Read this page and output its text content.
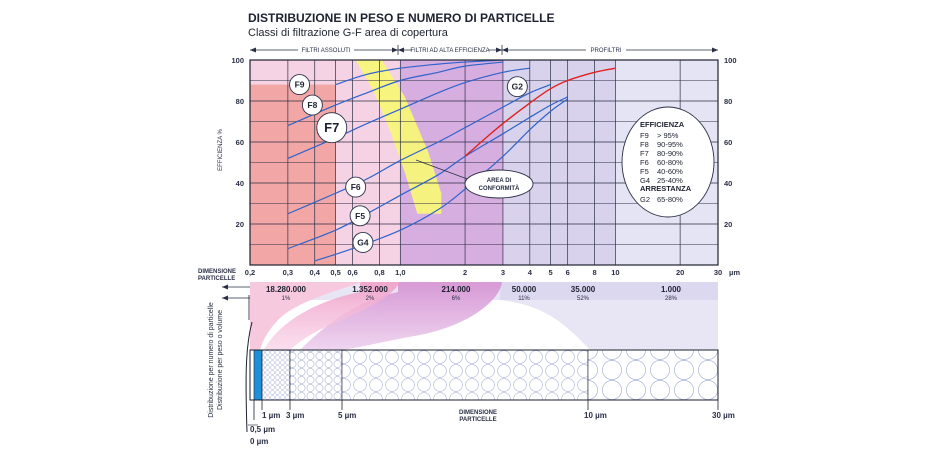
DISTRIBUZIONE IN PESO E NUMERO DI PARTICELLE
Classi di filtrazione G-F area di copertura
FILTRI ASSOLUTI	FILTRI AD ALTA EFFICIENZA	PROFILTRI
100
80
60
40
20
100
80
60
40
20
0,2	0,3 0,4 0,5 0,6 0,8 1,0	2	3	4 5 6	8 10	20	30
EFFICIENZA %
DIMENSIONE
PARTICELLE
µm
AREA DI
CONFORMITÀ
F9
F8
F7
F6
F5
G4
G2
EFFICIENZA
F9 > 95%
F8 90-95%
F7 80-90%
F6 60-80%
F5 40-60%
G4 25-40%
ARRESTANZA
G2 65-80%
18.280.000
1%
1.352.000
2%
214.000
6%
50.000
11%
35.000
52%
1.000
28%
Distribuzione per numero di particelle Distribuzione per peso o volume
0,5 µm
1 µm 3 µm	5 µm	10 µm	30 µm
0 µm
DIMENSIONE
PARTICELLE
